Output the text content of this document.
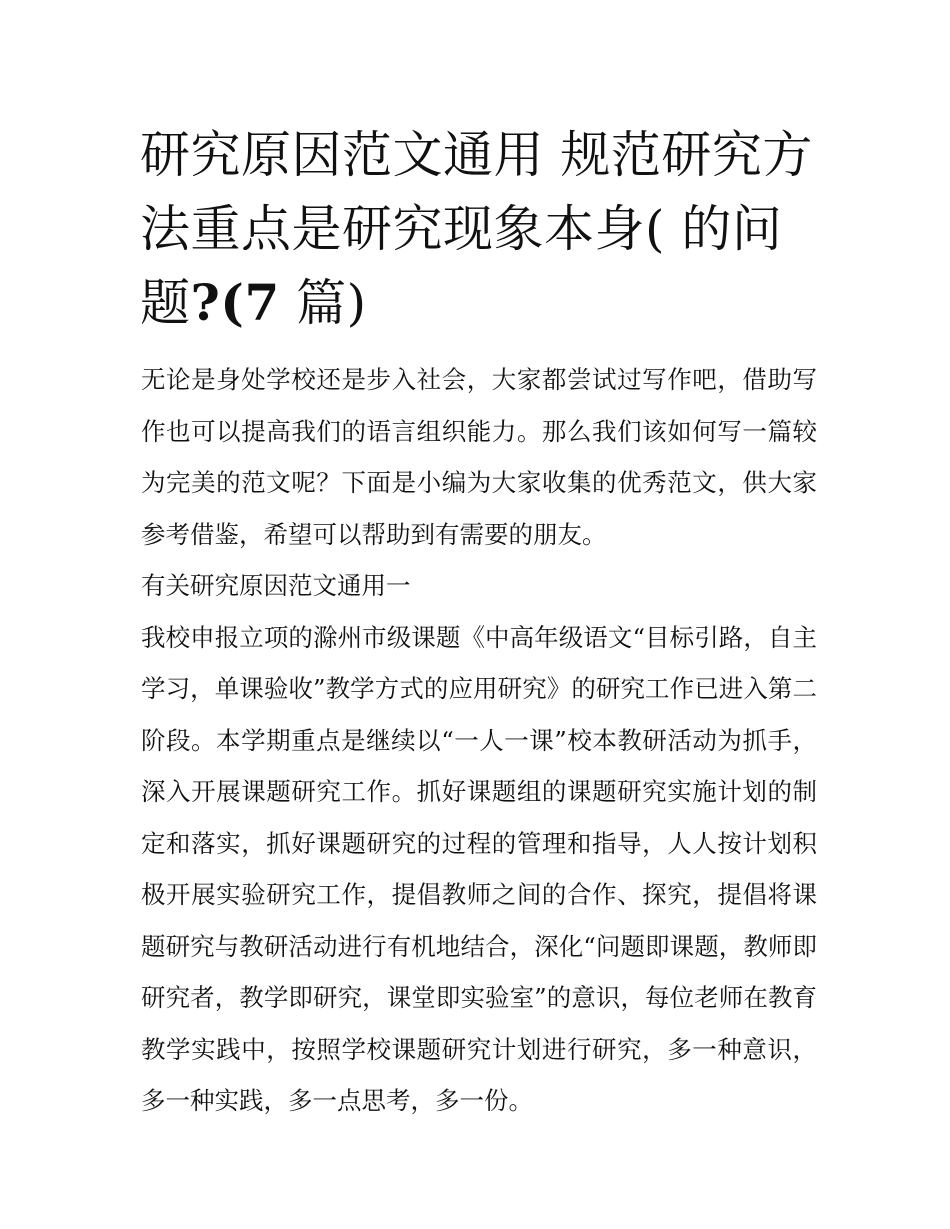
研究原因范文通用 规范研究方法重点是研究现象本身( 的问题?(7 篇)

无论是身处学校还是步入社会，大家都尝试过写作吧，借助写作也可以提高我们的语言组织能力。那么我们该如何写一篇较为完美的范文呢？下面是小编为大家收集的优秀范文，供大家参考借鉴，希望可以帮助到有需要的朋友。

有关研究原因范文通用一

我校申报立项的滁州市级课题《中高年级语文“目标引路，自主学习，单课验收”教学方式的应用研究》的研究工作已进入第二阶段。本学期重点是继续以“一人一课”校本教研活动为抓手，深入开展课题研究工作。抓好课题组的课题研究实施计划的制定和落实，抓好课题研究的过程的管理和指导，人人按计划积极开展实验研究工作，提倡教师之间的合作、探究，提倡将课题研究与教研活动进行有机地结合，深化“问题即课题，教师即研究者，教学即研究，课堂即实验室”的意识，每位老师在教育教学实践中，按照学校课题研究计划进行研究，多一种意识，多一种实践，多一点思考，多一份。
